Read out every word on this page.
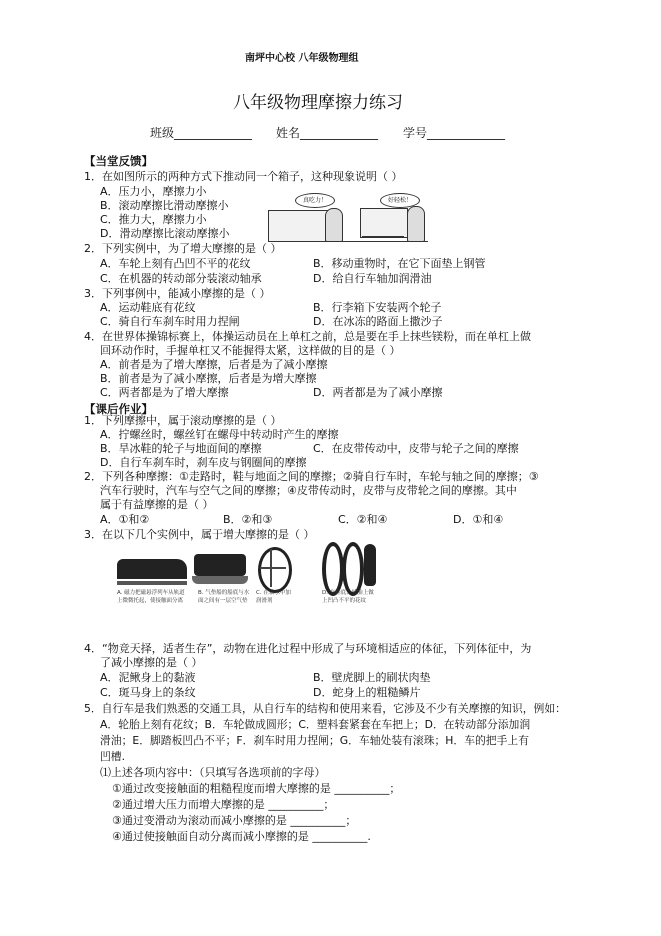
南坪中心校 八年级物理组
八年级物理摩擦力练习
班级_____________ 姓名_____________ 学号_____________
【当堂反馈】
1．在如图所示的两种方式下推动同一个箱子，这种现象说明（ ）
A．压力小，摩擦力小
B．滚动摩擦比滑动摩擦小
C．推力大，摩擦力小
D．滑动摩擦比滚动摩擦小
真吃力！	好轻松！
2．下列实例中，为了增大摩擦的是（ ）
A．车轮上刻有凸凹不平的花纹	B．移动重物时，在它下面垫上钢管
C．在机器的转动部分装滚动轴承	D．给自行车轴加润滑油
3．下列事例中，能减小摩擦的是（ ）
A．运动鞋底有花纹	B．行李箱下安装两个轮子
C．骑自行车刹车时用力捏闸	D．在冰冻的路面上撒沙子
4．在世界体操锦标赛上，体操运动员在上单杠之前，总是要在手上抹些镁粉，而在单杠上做
回环动作时，手握单杠又不能握得太紧，这样做的目的是（ ）
A．前者是为了增大摩擦，后者是为了减小摩擦
B．前者是为了减小摩擦，后者是为增大摩擦
C．两者都是为了增大摩擦	D．两者都是为了减小摩擦
【课后作业】
1．下列摩擦中，属于滚动摩擦的是（ ）
A．拧螺丝时，螺丝钉在螺母中转动时产生的摩擦
B．旱冰鞋的轮子与地面间的摩擦	C．在皮带传动中，皮带与轮子之间的摩擦
D．自行车刹车时，刹车皮与钢圈间的摩擦
2．下列各种摩擦：①走路时，鞋与地面之间的摩擦；②骑自行车时，车轮与轴之间的摩擦；③
汽车行驶时，汽车与空气之间的摩擦；④皮带传动时，皮带与皮带轮之间的摩擦。其中
属于有益摩擦的是（ ）
A．①和②	B．②和③	C．②和④	D．①和④
3．在以下几个实例中，属于增大摩擦的是（ ）
A. 磁力把磁悬浮列车从轨道上微微托起，使接触面分离
B. 气垫船的船底与水面之间有一层空气垫
C. 在轴承中加润滑剂
D. 在鞋底、轮胎上做上凹凸不平的花纹
4．“物竞天择，适者生存”，动物在进化过程中形成了与环境相适应的体征，下列体征中，为
了减小摩擦的是（ ）
A．泥鳅身上的黏液	B．壁虎脚上的刷状肉垫
C．斑马身上的条纹	D．蛇身上的粗糙鳞片
5．自行车是我们熟悉的交通工具，从自行车的结构和使用来看，它涉及不少有关摩擦的知识，例如：
A．轮胎上刻有花纹；B．车轮做成圆形；C．塑料套紧套在车把上；D．在转动部分添加润
滑油；E．脚踏板凹凸不平；F．刹车时用力捏闸；G．车轴处装有滚珠；H．车的把手上有
凹槽.
⑴上述各项内容中：（只填写各选项前的字母）
①通过改变接触面的粗糙程度而增大摩擦的是 __________；
②通过增大压力而增大摩擦的是 __________；
③通过变滑动为滚动而减小摩擦的是 __________；
④通过使接触面自动分离而减小摩擦的是 __________.
